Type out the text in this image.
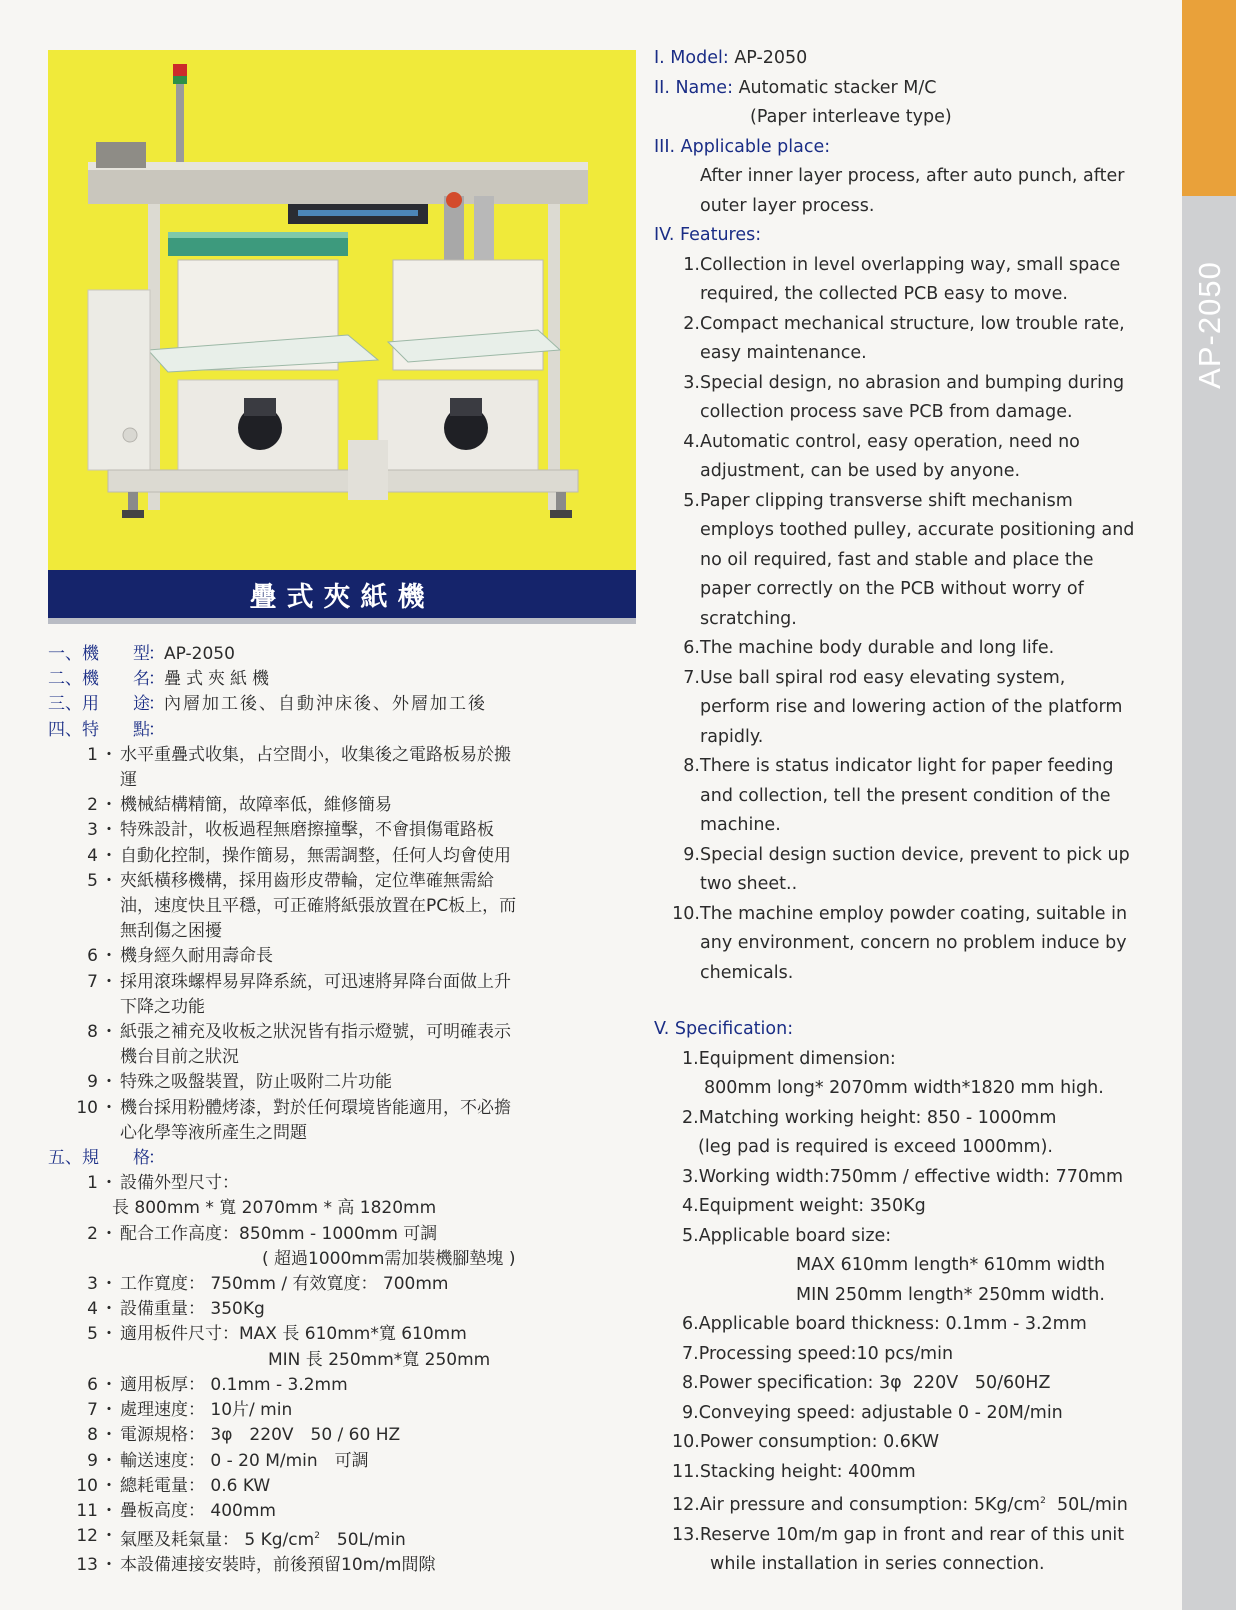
AP-2050
疊式夾紙機
一、機　　型
： AP-2050
二、機　　名
： 疊式夾紙機
三、用　　途
： 內層加工後、自動沖床後、外層加工後
四、特　　點
：
1 ・ 水平重疊式收集，占空間小，收集後之電路板易於搬
運
2 ・ 機械結構精簡，故障率低，維修簡易
3 ・ 特殊設計，收板過程無磨擦撞擊，不會損傷電路板
4 ・ 自動化控制，操作簡易，無需調整，任何人均會使用
5 ・ 夾紙橫移機構，採用齒形皮帶輪，定位準確無需給
油，速度快且平穩，可正確將紙張放置在PC板上，而
無刮傷之困擾
6 ・ 機身經久耐用壽命長
7 ・ 採用滾珠螺桿易昇降系統，可迅速將昇降台面做上升
下降之功能
8 ・ 紙張之補充及收板之狀況皆有指示燈號，可明確表示
機台目前之狀況
9 ・ 特殊之吸盤裝置，防止吸附二片功能
10 ・ 機台採用粉體烤漆，對於任何環境皆能適用，不必擔
心化學等液所產生之問題
五、規　　格
：
1 ・ 設備外型尺寸：
長 800mm * 寬 2070mm * 高 1820mm
2 ・ 配合工作高度：850mm - 1000mm 可調
( 超過1000mm需加裝機腳墊塊 )
3 ・ 工作寬度： 750mm / 有效寬度： 700mm
4 ・ 設備重量： 350Kg
5 ・ 適用板件尺寸：MAX 長 610mm*寬 610mm
MIN 長 250mm*寬 250mm
6 ・ 適用板厚： 0.1mm - 3.2mm
7 ・ 處理速度： 10片/ min
8 ・ 電源規格： 3φ　220V　50 / 60 HZ
9 ・ 輸送速度： 0 - 20 M/min　可調
10 ・ 總耗電量： 0.6 KW
11 ・ 疊板高度： 400mm
12 ・ 氣壓及耗氣量： 5 $Kg/cm^2$　50L/min
13 ・ 本設備連接安裝時，前後預留10m/m間隙
I. Model: AP-2050
II. Name: Automatic stacker M/C
(Paper interleave type)
III. Applicable place:
After inner layer process, after auto punch, after
outer layer process.
IV. Features:
1. Collection in level overlapping way, small space
required, the collected PCB easy to move.
2. Compact mechanical structure, low trouble rate,
easy maintenance.
3. Special design, no abrasion and bumping during
collection process save PCB from damage.
4. Automatic control, easy operation, need no
adjustment, can be used by anyone.
5. Paper clipping transverse shift mechanism
employs toothed pulley, accurate positioning and
no oil required, fast and stable and place the
paper correctly on the PCB without worry of
scratching.
6. The machine body durable and long life.
7. Use ball spiral rod easy elevating system,
perform rise and lowering action of the platform
rapidly.
8. There is status indicator light for paper feeding
and collection, tell the present condition of the
machine.
9. Special design suction device, prevent to pick up
two sheet..
10. The machine employ powder coating, suitable in
any environment, concern no problem induce by
chemicals.
V. Specification:
1.Equipment dimension:
800mm long* 2070mm width*1820 mm high.
2.Matching working height: 850 - 1000mm
(leg pad is required is exceed 1000mm).
3.Working width:750mm / effective width: 770mm
4.Equipment weight: 350Kg
5.Applicable board size:
MAX 610mm length* 610mm width
MIN 250mm length* 250mm width.
6.Applicable board thickness: 0.1mm - 3.2mm
7.Processing speed:10 pcs/min
8.Power specification: 3φ  220V   50/60HZ
9.Conveying speed: adjustable 0 - 20M/min
10.Power consumption: 0.6KW
11.Stacking height: 400mm
12.Air pressure and consumption: $5Kg/cm^2$  50L/min
13.Reserve 10m/m gap in front and rear of this unit
while installation in series connection.
